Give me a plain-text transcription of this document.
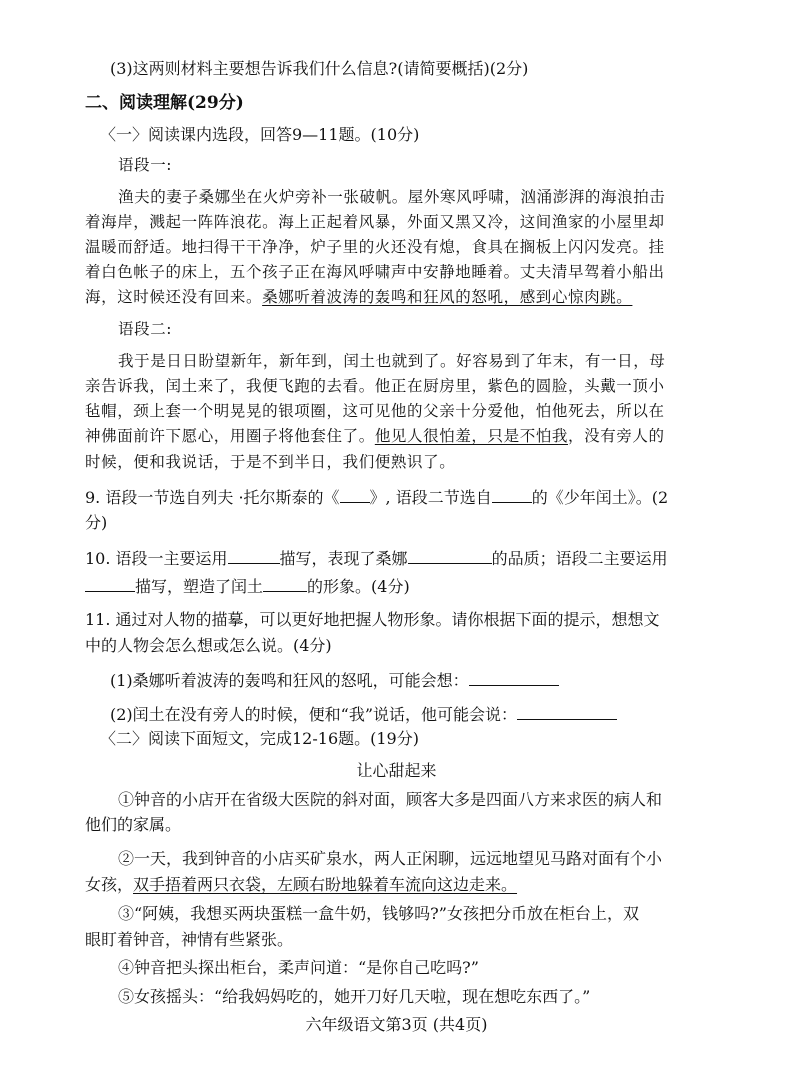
(3)这两则材料主要想告诉我们什么信息?(请简要概括)(2分)
二、阅读理解(29分)
〈一〉阅读课内选段，回答9—11题。(10分)
语段一:
渔夫的妻子桑娜坐在火炉旁补一张破帆。屋外寒风呼啸，汹涌澎湃的海浪拍击
着海岸，溅起一阵阵浪花。海上正起着风暴，外面又黑又冷，这间渔家的小屋里却
温暖而舒适。地扫得干干净净，炉子里的火还没有熄，食具在搁板上闪闪发亮。挂
着白色帐子的床上，五个孩子正在海风呼啸声中安静地睡着。丈夫清早驾着小船出
海，这时候还没有回来。桑娜听着波涛的轰鸣和狂风的怒吼，感到心惊肉跳。
语段二:
我于是日日盼望新年，新年到，闰土也就到了。好容易到了年末，有一日，母
亲告诉我，闰土来了，我便飞跑的去看。他正在厨房里，紫色的圆脸，头戴一顶小
毡帽，颈上套一个明晃晃的银项圈，这可见他的父亲十分爱他，怕他死去，所以在
神佛面前许下愿心，用圈子将他套住了。他见人很怕羞，只是不怕我，没有旁人的
时候，便和我说话，于是不到半日，我们便熟识了。
9. 语段一节选自列夫 ·托尔斯泰的《 》, 语段二节选自	的《少年闰土》。(2
分)
10. 语段一主要运用	描写，表现了桑娜	的品质；语段二主要运用
描写，塑造了闰土	的形象。(4分)
11. 通过对人物的描摹，可以更好地把握人物形象。请你根据下面的提示，想想文
中的人物会怎么想或怎么说。(4分)
(1)桑娜听着波涛的轰鸣和狂风的怒吼，可能会想：
(2)闰土在没有旁人的时候，便和“我”说话，他可能会说：
〈二〉阅读下面短文，完成12-16题。(19分)
让心甜起来
①钟音的小店开在省级大医院的斜对面，顾客大多是四面八方来求医的病人和
他们的家属。
②一天，我到钟音的小店买矿泉水，两人正闲聊，远远地望见马路对面有个小
女孩，双手捂着两只衣袋，左顾右盼地躲着车流向这边走来。
③“阿姨，我想买两块蛋糕一盒牛奶，钱够吗?”女孩把分币放在柜台上，双
眼盯着钟音，神情有些紧张。
④钟音把头探出柜台，柔声问道：“是你自己吃吗?”
⑤女孩摇头：“给我妈妈吃的，她开刀好几天啦，现在想吃东西了。”
六年级语文第3页 (共4页)
